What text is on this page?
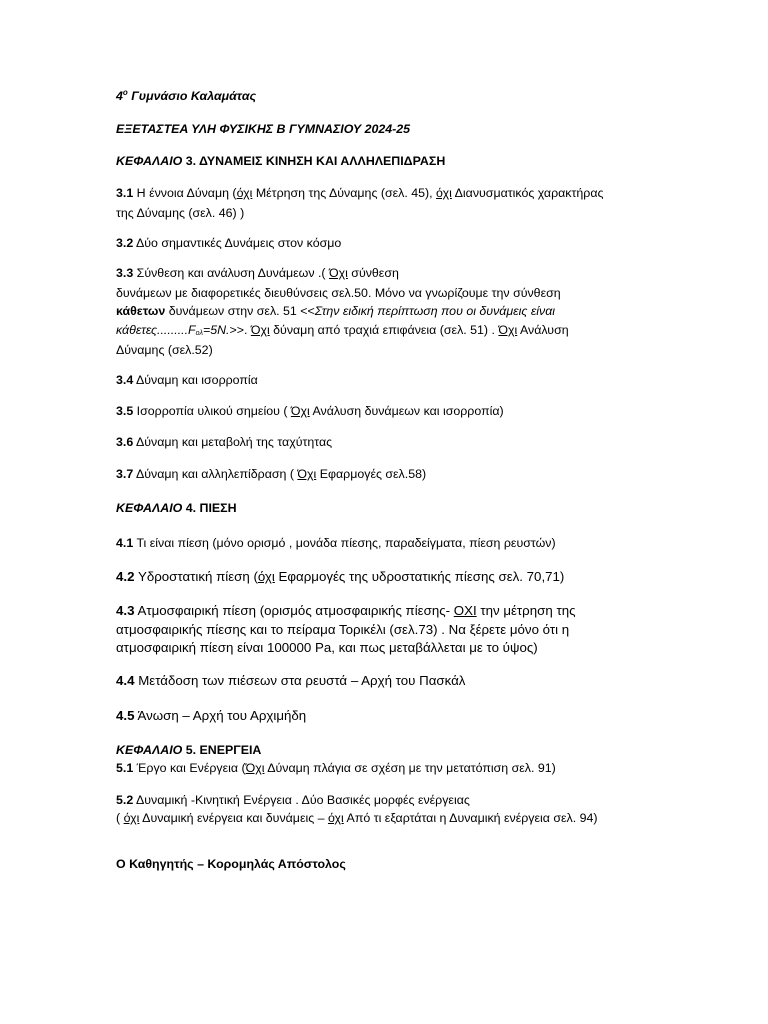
$4^o$ Γυμνάσιο Καλαμάτας
ΕΞΕΤΑΣΤΕΑ ΥΛΗ ΦΥΣΙΚΗΣ Β ΓΥΜΝΑΣΙΟΥ 2024-25
ΚΕΦΑΛΑΙΟ 3. ΔΥΝΑΜΕΙΣ ΚΙΝΗΣΗ ΚΑΙ ΑΛΛΗΛΕΠΙΔΡΑΣΗ
3.1 Η έννοια Δύναμη (όχι Μέτρηση της Δύναμης (σελ. 45), όχι Διανυσματικός χαρακτήρας
της Δύναμης (σελ. 46) )
3.2 Δύο σημαντικές Δυνάμεις στον κόσμο
3.3 Σύνθεση και ανάλυση Δυνάμεων .( Όχι σύνθεση
δυνάμεων με διαφορετικές διευθύνσεις σελ.50. Μόνο να γνωρίζουμε την σύνθεση
κάθετων δυνάμεων στην σελ. 51 <<Στην ειδική περίπτωση που οι δυνάμεις είναι
$\kappa ά\theta\varepsilon\tau\varepsilon\varsigma.........F_{o\lambda}=5N.>>$. Όχι δύναμη από τραχιά επιφάνεια (σελ. 51) . Όχι Ανάλυση
Δύναμης (σελ.52)
3.4 Δύναμη και ισορροπία
3.5 Ισορροπία υλικού σημείου ( Όχι Ανάλυση δυνάμεων και ισορροπία)
3.6 Δύναμη και μεταβολή της ταχύτητας
3.7 Δύναμη και αλληλεπίδραση ( Όχι Εφαρμογές σελ.58)
ΚΕΦΑΛΑΙΟ 4. ΠΙΕΣΗ
4.1 Τι είναι πίεση (μόνο ορισμό , μονάδα πίεσης, παραδείγματα, πίεση ρευστών)
4.2 Υδροστατική πίεση (όχι Εφαρμογές της υδροστατικής πίεσης σελ. 70,71)
4.3 Ατμοσφαιρική πίεση (ορισμός ατμοσφαιρικής πίεσης- ΟΧΙ την μέτρηση της
ατμοσφαιρικής πίεσης και το πείραμα Τορικέλι (σελ.73) . Να ξέρετε μόνο ότι η
ατμοσφαιρική πίεση είναι 100000 Pa, και πως μεταβάλλεται με το ύψος)
4.4 Μετάδοση των πιέσεων στα ρευστά – Αρχή του Πασκάλ
4.5 Άνωση – Αρχή του Αρχιμήδη
ΚΕΦΑΛΑΙΟ 5. ΕΝΕΡΓΕΙΑ
5.1 Έργο και Ενέργεια (Όχι Δύναμη πλάγια σε σχέση με την μετατόπιση σελ. 91)
5.2 Δυναμική -Κινητική Ενέργεια . Δύο Βασικές μορφές ενέργειας
( όχι Δυναμική ενέργεια και δυνάμεις – όχι Από τι εξαρτάται η Δυναμική ενέργεια σελ. 94)
Ο Καθηγητής – Κορομηλάς Απόστολος
